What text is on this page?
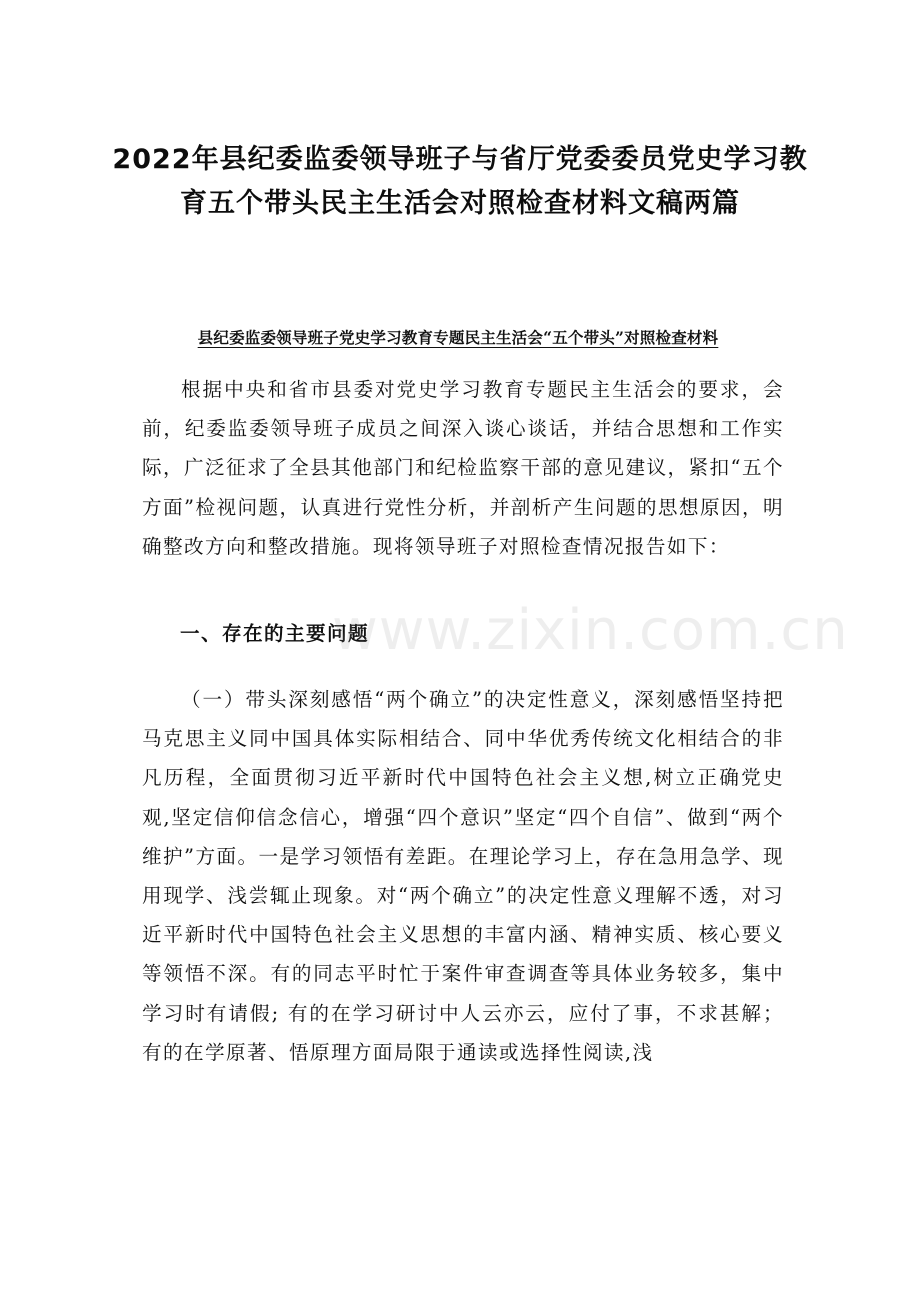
2022年县纪委监委领导班子与省厅党委委员党史学习教育五个带头民主生活会对照检查材料文稿两篇
县纪委监委领导班子党史学习教育专题民主生活会“五个带头”对照检查材料

根据中央和省市县委对党史学习教育专题民主生活会的要求，会前，纪委监委领导班子成员之间深入谈心谈话，并结合思想和工作实际，广泛征求了全县其他部门和纪检监察干部的意见建议，紧扣“五个方面”检视问题，认真进行党性分析，并剖析产生问题的思想原因，明确整改方向和整改措施。现将领导班子对照检查情况报告如下：

一、存在的主要问题

（一）带头深刻感悟“两个确立”的决定性意义，深刻感悟坚持把马克思主义同中国具体实际相结合、同中华优秀传统文化相结合的非凡历程，全面贯彻习近平新时代中国特色社会主义想,树立正确党史观,坚定信仰信念信心，增强“四个意识”坚定“四个自信”、做到“两个维护”方面。一是学习领悟有差距。在理论学习上，存在急用急学、现用现学、浅尝辄止现象。对“两个确立”的决定性意义理解不透，对习近平新时代中国特色社会主义思想的丰富内涵、精神实质、核心要义等领悟不深。有的同志平时忙于案件审查调查等具体业务较多，集中学习时有请假; 有的在学习研讨中人云亦云，应付了事，不求甚解；有的在学原著、悟原理方面局限于通读或选择性阅读,浅

www.zixin.com.cn
